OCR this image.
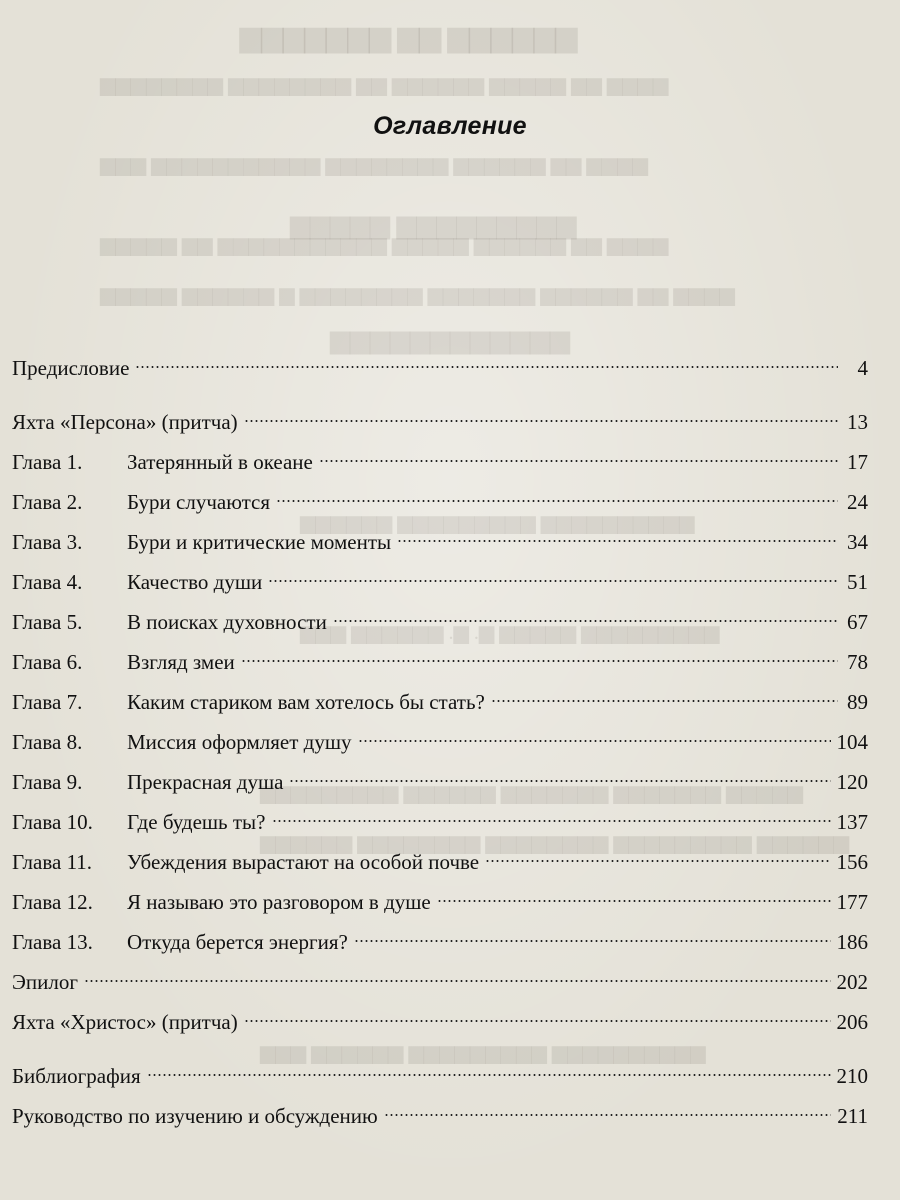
▆▆▆▆▆▆ ▆▆ ▆▆▆▆▆▆▆
▆▆▆▆ ▆▆ ▆▆▆▆▆ ▆▆▆▆▆▆ ▆▆ ▆▆▆▆▆▆▆▆ ▆▆▆▆▆▆▆▆
▆▆▆▆ ▆▆ ▆▆▆▆▆▆ ▆▆▆▆▆▆▆▆ ▆▆▆▆▆▆▆▆▆▆▆ ▆▆▆
▆▆▆▆▆▆▆▆▆ ▆▆▆▆▆
▆▆▆▆ ▆▆ ▆▆▆▆▆▆ ▆▆▆▆▆ ▆▆▆▆▆▆▆▆▆▆▆ ▆▆ ▆▆▆▆▆
▆▆▆▆ ▆▆ ▆▆▆▆▆▆ ▆▆▆▆▆▆▆ ▆▆▆▆▆▆▆▆ ▆ ▆▆▆▆▆▆ ▆▆▆▆▆
▆▆▆▆▆▆▆▆▆▆▆▆
▆▆▆▆▆▆▆▆▆▆ ▆▆▆▆▆▆▆▆▆ ▆▆▆▆▆▆
▆▆▆▆▆▆▆▆▆ ▆▆▆▆▆ ▆. ▆. ▆▆▆▆▆▆ ▆▆▆
▆▆▆▆▆ ▆▆▆▆▆▆▆ ▆▆▆▆▆▆▆ ▆▆▆▆▆▆ ▆▆▆▆▆▆▆▆▆
▆▆▆▆▆▆ ▆▆▆▆▆▆▆▆▆ ▆▆▆▆▆▆▆▆ ▆▆▆▆▆▆▆▆ ▆▆▆▆▆▆
▆▆▆▆▆▆▆▆▆▆ ▆▆▆▆▆▆▆▆▆ ▆▆▆▆▆▆ ▆▆▆
Оглавление
Предисловие	4
Яхта «Персона» (притча)	13
Глава 1.	Затерянный в океане	17
Глава 2.	Бури случаются	24
Глава 3.	Бури и критические моменты	34
Глава 4.	Качество души	51
Глава 5.	В поисках духовности	67
Глава 6.	Взгляд змеи	78
Глава 7.	Каким стариком вам хотелось бы стать?	89
Глава 8.	Миссия оформляет душу	104
Глава 9.	Прекрасная душа	120
Глава 10.	Где будешь ты?	137
Глава 11.	Убеждения вырастают на особой почве	156
Глава 12.	Я называю это разговором в душе	177
Глава 13.	Откуда берется энергия?	186
Эпилог	202
Яхта «Христос» (притча)	206
Библиография	210
Руководство по изучению и обсуждению	211
